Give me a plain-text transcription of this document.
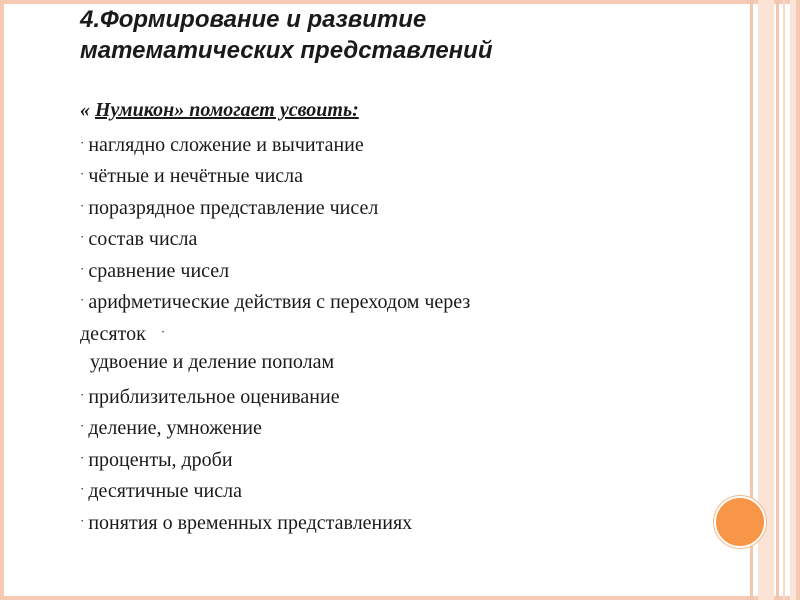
4.Формирование и развитие
математических представлений
« Нумикон» помогает усвоить:
· наглядно сложение и вычитание
· чётные и нечётные числа
· поразрядное представление чисел
· состав числа
· сравнение чисел
· арифметические действия с переходом через
десяток ·
удвоение и деление пополам
· приблизительное оценивание
· деление, умножение
· проценты, дроби
· десятичные числа
· понятия о временных представлениях
